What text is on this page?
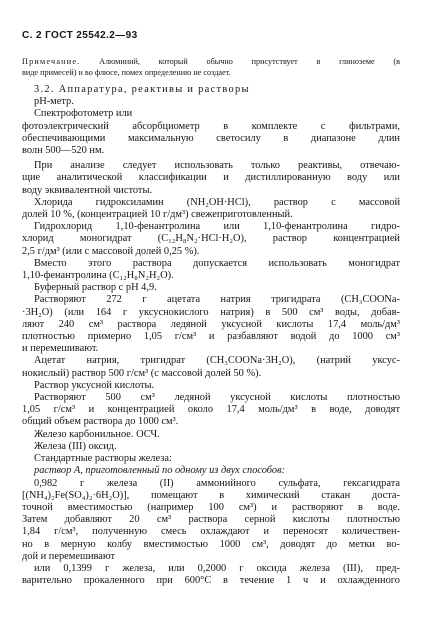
С. 2 ГОСТ 25542.2—93
Примечание. Алюминий, который обычно присутствует в глиноземе (в
виде примесей) и во флюсе, помех определению не создает.

3.2. Аппаратура, реактивы и растворы

pH-метр.

Спектрофотометр или

фотоэлектрический абсорбциометр в комплекте с фильтрами,

обеспечивающими максимальную светосилу в диапазоне длин

волн 500—520 нм.

При анализе следует использовать только реактивы, отвечаю-

щие аналитической классификации и дистиллированную воду или

воду эквивалентной чистоты.

Хлорида гидроксиламин (NH₂OH·HCl), раствор с массовой

долей 10 %, (концентрацией 10 г/дм³) свежеприготовленный.

Гидрохлорид 1,10-фенантролина или 1,10-фенантролина гидро-

хлорид моногидрат (C₁₂H₈N₂·HCl·H₂O), раствор концентрацией

2,5 г/дм³ (или с массовой долей 0,25 %).

Вместо этого раствора допускается использовать моногидрат

1,10-фенантролина (C₁₂H₈N₂H₂O).

Буферный раствор с pH 4,9.

Растворяют 272 г ацетата натрия тригидрата (CH₃COONa-

·3H₂O) (или 164 г уксуснокислого натрия) в 500 см³ воды, добав-

ляют 240 см³ раствора ледяной уксусной кислоты 17,4 моль/дм³

плотностью примерно 1,05 г/см³ и разбавляют водой до 1000 см³

и перемешивают.

Ацетат натрия, тригидрат (CH₃COONa·3H₂O), (натрий уксус-

нокислый) раствор 500 г/см³ (с массовой долей 50 %).

Раствор уксусной кислоты.

Растворяют 500 см³ ледяной уксусной кислоты плотностью

1,05 г/см³ и концентрацией около 17,4 моль/дм³ в воде, доводят

общий объем раствора до 1000 см³.

Железо карбонильное. ОСЧ.

Железа (III) оксид.

Стандартные растворы железа:

раствор А, приготовленный по одному из двух способов:

0,982 г железа (II) аммонийного сульфата, гексагидрата

[(NH₄)₂Fe(SO₄)₂·6H₂O)], помещают в химический стакан доста-

точной вместимостью (например 100 см³) и растворяют в воде.

Затем добавляют 20 см³ раствора серной кислоты плотностью

1,84 г/см³, полученную смесь охлаждают и переносят количествен-

но в мерную колбу вместимостью 1000 см³, доводят до метки во-

дой и перемешивают

или 0,1399 г железа, или 0,2000 г оксида железа (III), пред-

варительно прокаленного при 600°С в течение 1 ч и охлажденного
